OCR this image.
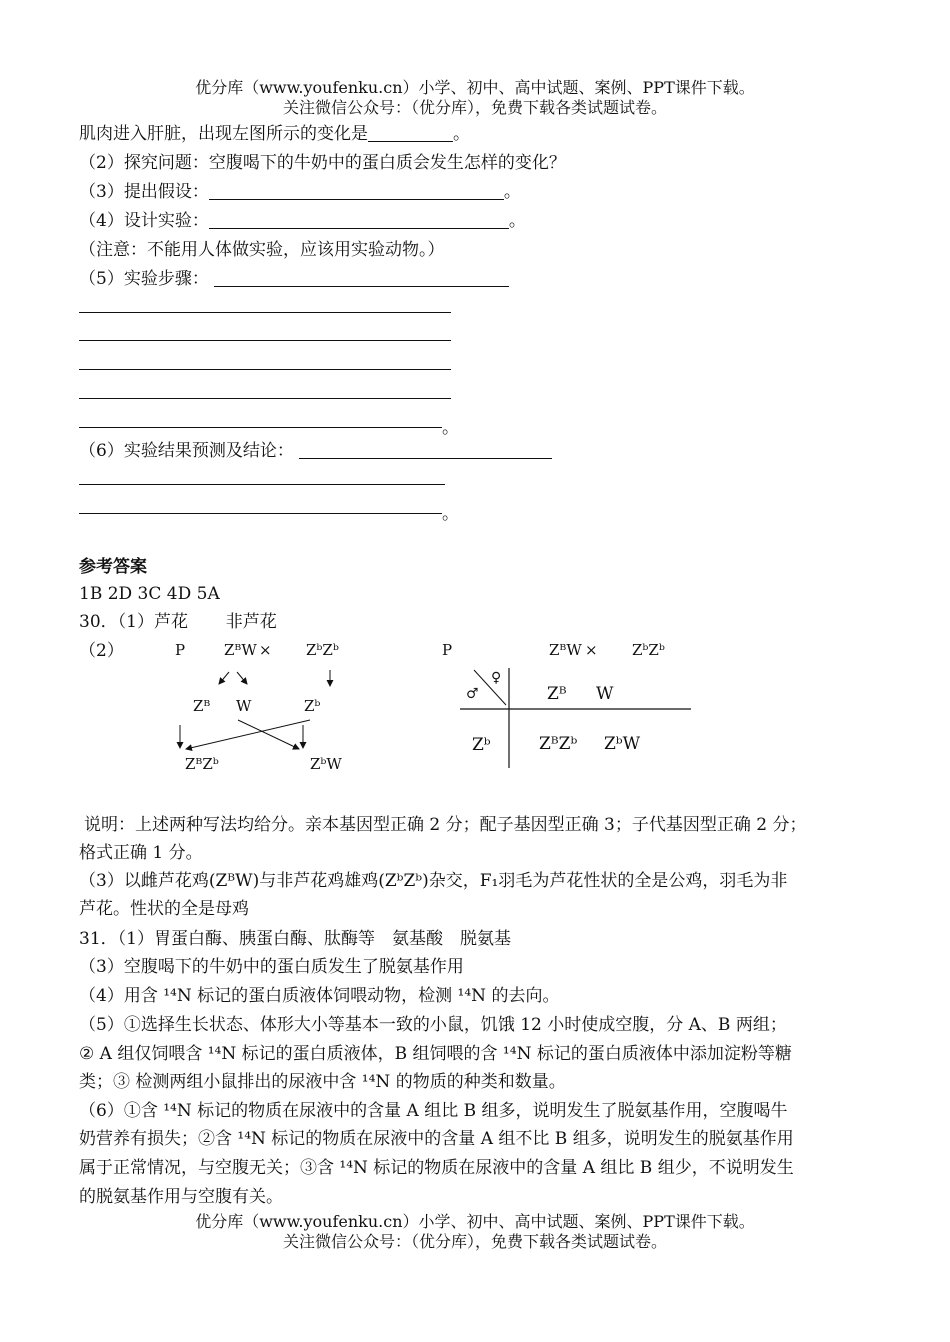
优分库（www.youfenku.cn）小学、初中、高中试题、案例、PPT课件下载。
关注微信公众号：（优分库），免费下载各类试题试卷。
肌肉进入肝脏，出现左图所示的变化是	。
（2）探究问题：空腹喝下的牛奶中的蛋白质会发生怎样的变化？
（3）提出假设：	。
（4）设计实验：	。
（注意：不能用人体做实验，应该用实验动物。）
（5）实验步骤：
。
（6）实验结果预测及结论：
。
参考答案
1B 2D 3C 4D 5A
30．（1）芦花 非芦花
（2）	P	ZᴮW × ZᵇZᵇ
Zᴮ W	Zᵇ
ZᴮZᵇ	ZᵇW
P	ZᴮW × ZᵇZᵇ
♂
♀
Zᴮ W
Zᵇ	ZᴮZᵇ ZᵇW
说明：上述两种写法均给分。亲本基因型正确 2 分；配子基因型正确 3；子代基因型正确 2 分；
格式正确 1 分。
（3）以雌芦花鸡(ZᴮW)与非芦花鸡雄鸡(ZᵇZᵇ)杂交，F₁羽毛为芦花性状的全是公鸡，羽毛为非
芦花。性状的全是母鸡
31．（1）胃蛋白酶、胰蛋白酶、肽酶等　氨基酸　脱氨基
（3）空腹喝下的牛奶中的蛋白质发生了脱氨基作用
（4）用含 ¹⁴N 标记的蛋白质液体饲喂动物，检测 ¹⁴N 的去向。
（5）①选择生长状态、体形大小等基本一致的小鼠，饥饿 12 小时使成空腹，分 A、B 两组；
② A 组仅饲喂含 ¹⁴N 标记的蛋白质液体，B 组饲喂的含 ¹⁴N 标记的蛋白质液体中添加淀粉等糖
类；③ 检测两组小鼠排出的尿液中含 ¹⁴N 的物质的种类和数量。
（6）①含 ¹⁴N 标记的物质在尿液中的含量 A 组比 B 组多，说明发生了脱氨基作用，空腹喝牛
奶营养有损失；②含 ¹⁴N 标记的物质在尿液中的含量 A 组不比 B 组多，说明发生的脱氨基作用
属于正常情况，与空腹无关；③含 ¹⁴N 标记的物质在尿液中的含量 A 组比 B 组少，不说明发生
的脱氨基作用与空腹有关。
优分库（www.youfenku.cn）小学、初中、高中试题、案例、PPT课件下载。
关注微信公众号：（优分库），免费下载各类试题试卷。
